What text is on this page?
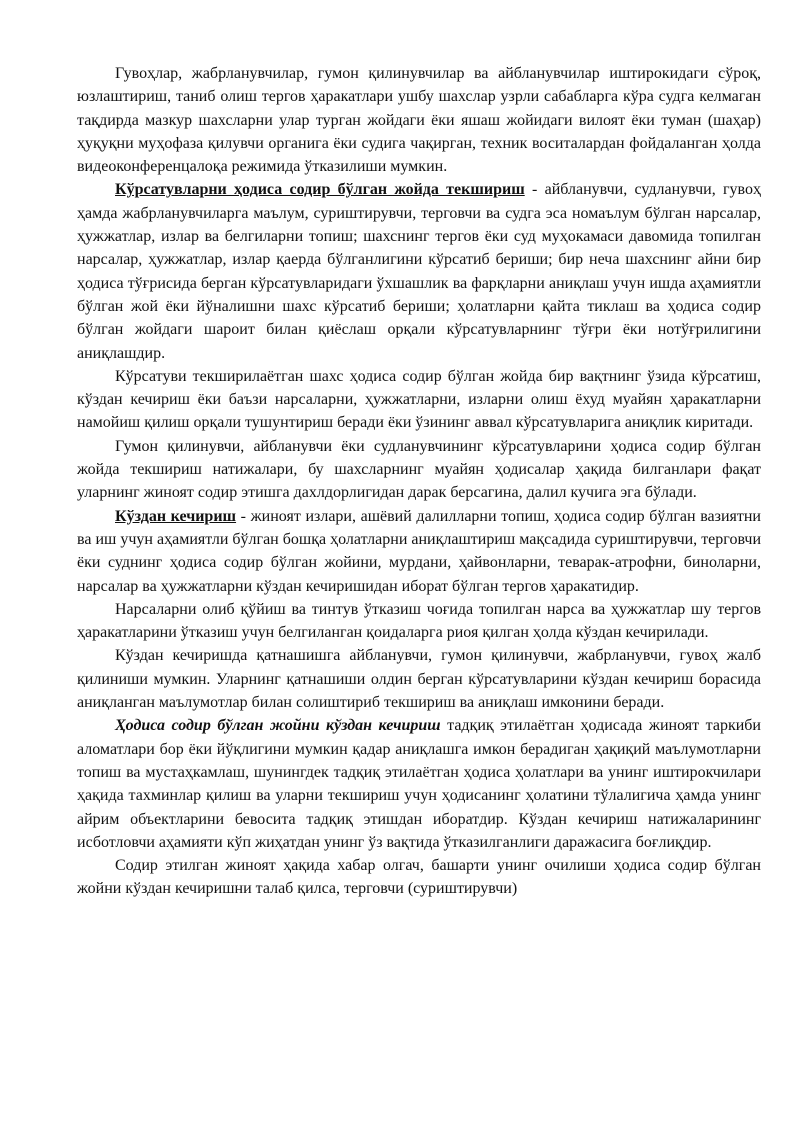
Гувоҳлар, жабрланувчилар, гумон қилинувчилар ва айбланувчилар иштирокидаги сўроқ, юзлаштириш, таниб олиш тергов ҳаракатлари ушбу шахслар узрли сабабларга кўра судга келмаган тақдирда мазкур шахсларни улар турган жойдаги ёки яшаш жойидаги вилоят ёки туман (шаҳар) ҳуқуқни муҳофаза қилувчи органига ёки судига чақирган, техник воситалардан фойдаланган ҳолда видеоконференцалоқа режимида ўтказилиши мумкин.

Кўрсатувларни ҳодиса содир бўлган жойда текшириш - айбланувчи, судланувчи, гувоҳ ҳамда жабрланувчиларга маълум, суриштирувчи, терговчи ва судга эса номаълум бўлган нарсалар, ҳужжатлар, излар ва белгиларни топиш; шахснинг тергов ёки суд муҳокамаси давомида топилган нарсалар, ҳужжатлар, излар қаерда бўлганлигини кўрсатиб бериши; бир неча шахснинг айни бир ҳодиса тўғрисида берган кўрсатувларидаги ўхшашлик ва фарқларни аниқлаш учун ишда аҳамиятли бўлган жой ёки йўналишни шахс кўрсатиб бериши; ҳолатларни қайта тиклаш ва ҳодиса содир бўлган жойдаги шароит билан қиёслаш орқали кўрсатувларнинг тўғри ёки нотўғрилигини аниқлашдир.

Кўрсатуви текширилаётган шахс ҳодиса содир бўлган жойда бир вақтнинг ўзида кўрсатиш, кўздан кечириш ёки баъзи нарсаларни, ҳужжатларни, изларни олиш ёхуд муайян ҳаракатларни намойиш қилиш орқали тушунтириш беради ёки ўзининг аввал кўрсатувларига аниқлик киритади.

Гумон қилинувчи, айбланувчи ёки судланувчининг кўрсатувларини ҳодиса содир бўлган жойда текшириш натижалари, бу шахсларнинг муайян ҳодисалар ҳақида билганлари фақат уларнинг жиноят содир этишга дахлдорлигидан дарак берсагина, далил кучига эга бўлади.

Кўздан кечириш - жиноят излари, ашёвий далилларни топиш, ҳодиса содир бўлган вазиятни ва иш учун аҳамиятли бўлган бошқа ҳолатларни аниқлаштириш мақсадида суриштирувчи, терговчи ёки суднинг ҳодиса содир бўлган жойини, мурдани, ҳайвонларни, теварак-атрофни, биноларни, нарсалар ва ҳужжатларни кўздан кечиришидан иборат бўлган тергов ҳаракатидир.

Нарсаларни олиб қўйиш ва тинтув ўтказиш чоғида топилган нарса ва ҳужжатлар шу тергов ҳаракатларини ўтказиш учун белгиланган қоидаларга риоя қилган ҳолда кўздан кечирилади.

Кўздан кечиришда қатнашишга айбланувчи, гумон қилинувчи, жабрланувчи, гувоҳ жалб қилиниши мумкин. Уларнинг қатнашиши олдин берган кўрсатувларини кўздан кечириш борасида аниқланган маълумотлар билан солиштириб текшириш ва аниқлаш имконини беради.

Ҳодиса содир бўлган жойни кўздан кечириш тадқиқ этилаётган ҳодисада жиноят таркиби аломатлари бор ёки йўқлигини мумкин қадар аниқлашга имкон берадиган ҳақиқий маълумотларни топиш ва мустаҳкамлаш, шунингдек тадқиқ этилаётган ҳодиса ҳолатлари ва унинг иштирокчилари ҳақида тахминлар қилиш ва уларни текшириш учун ҳодисанинг ҳолатини тўлалигича ҳамда унинг айрим объектларини бевосита тадқиқ этишдан иборатдир. Кўздан кечириш натижаларининг исботловчи аҳамияти кўп жиҳатдан унинг ўз вақтида ўтказилганлиги даражасига боғлиқдир.

Содир этилган жиноят ҳақида хабар олгач, башарти унинг очилиши ҳодиса содир бўлган жойни кўздан кечиришни талаб қилса, терговчи (суриштирувчи)
